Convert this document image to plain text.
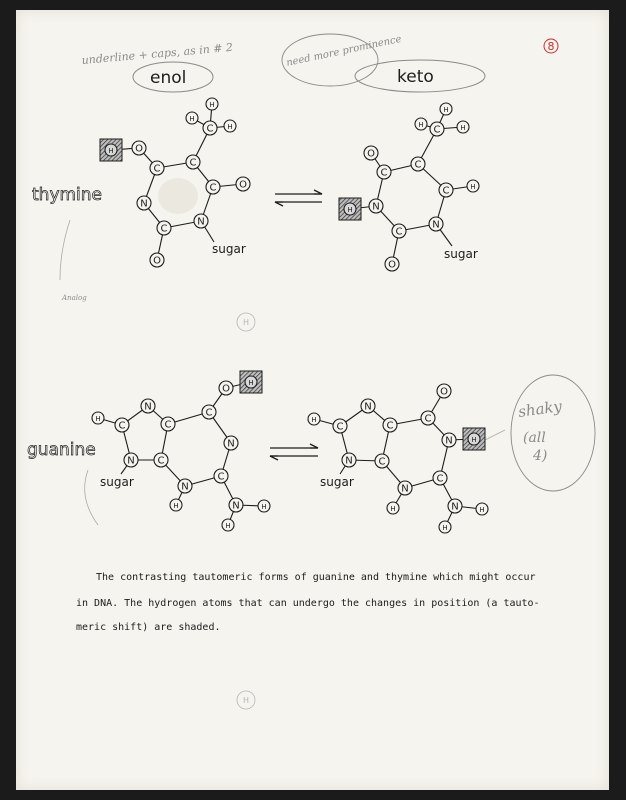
underline + caps, as in # 2	need more prominence
Analog
shaky
(all
4)
H
H
8
enol	keto
sugar
O
H
C
C
C
H
H
H
C O
N
C
O
N
sugar
O
C
C
C
H
H	H
C	H
N
C
O
N
H
sugar
H
C
N
C
N C
C
O
H
N
C
N
H	N
H
H
sugar
H
C
N
C
N	C
C
O
N	H
C
N
H	N
H
H
thymine
guanine
The contrasting tautomeric forms of guanine and thymine which might occur
in DNA. The hydrogen atoms that can undergo the changes in position (a tauto-
meric shift) are shaded.
